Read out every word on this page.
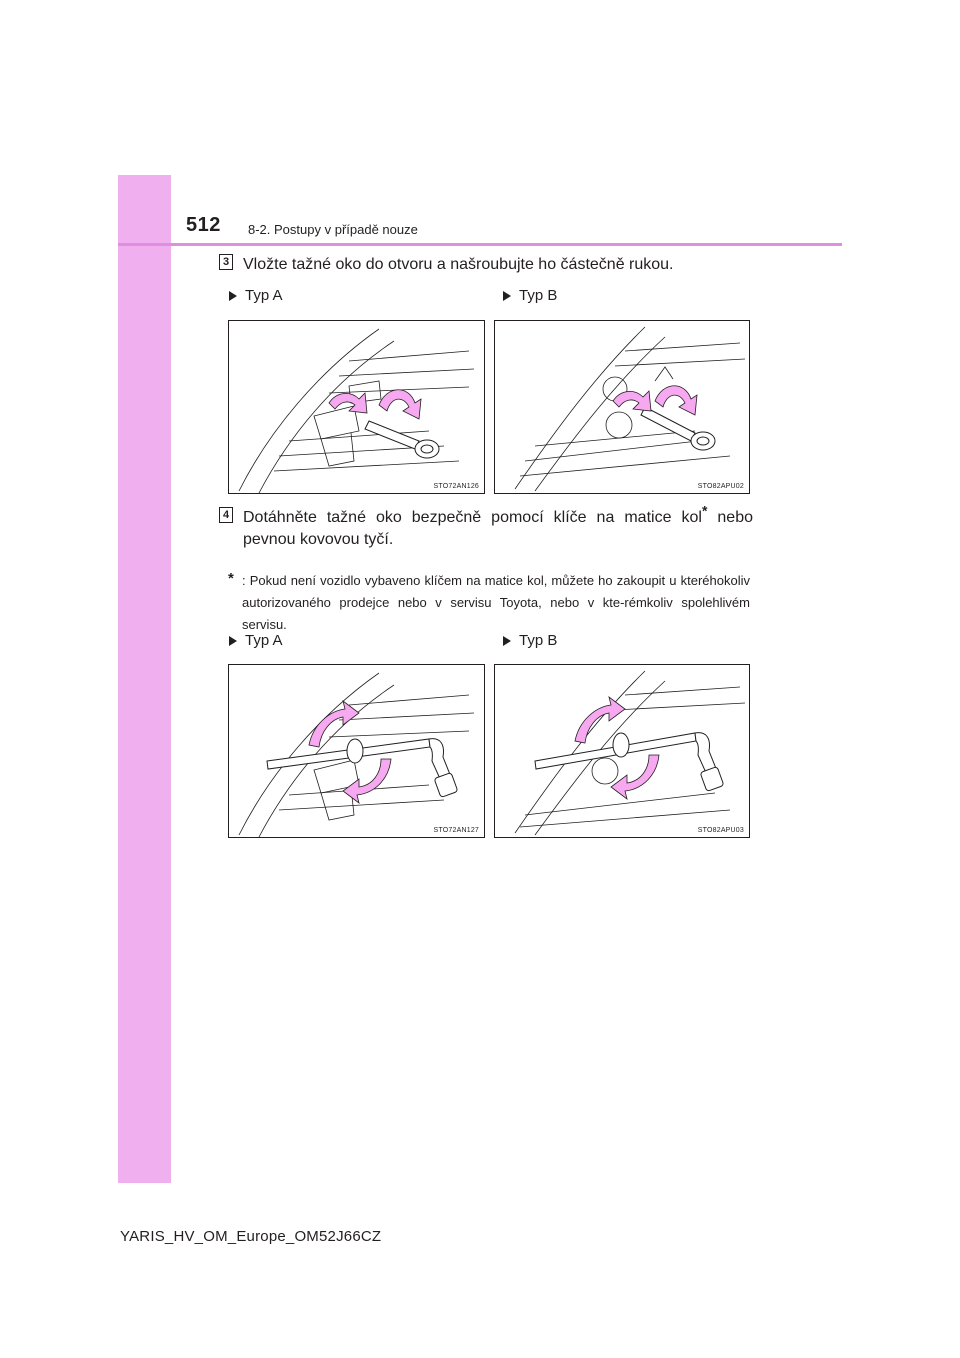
512 8-2. Postupy v případě nouze
3 Vložte tažné oko do otvoru a našroubujte ho částečně rukou.
Typ A	Typ B
STO72AN126	STO82APU02
4 Dotáhněte tažné oko bezpečně pomocí klíče na matice kol* nebo pevnou kovovou tyčí.
* : Pokud není vozidlo vybaveno klíčem na matice kol, můžete ho zakoupit u kteréhokoliv autorizovaného prodejce nebo v servisu Toyota, nebo v kte-rémkoliv spolehlivém servisu.
Typ A	Typ B
STO72AN127	STO82APU03
YARIS_HV_OM_Europe_OM52J66CZ
